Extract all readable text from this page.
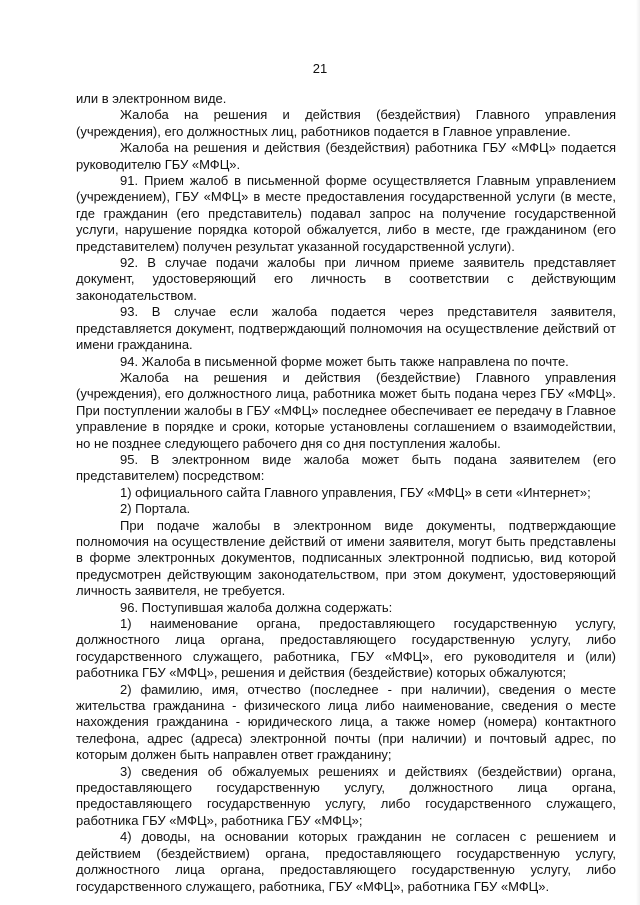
21

или в электронном виде.

Жалоба на решения и действия (бездействия) Главного управления (учреждения), его должностных лиц, работников подается в Главное управление.

Жалоба на решения и действия (бездействия) работника ГБУ «МФЦ» подается руководителю ГБУ «МФЦ».

91. Прием жалоб в письменной форме осуществляется Главным управлением (учреждением), ГБУ «МФЦ» в месте предоставления государственной услуги (в месте, где гражданин (его представитель) подавал запрос на получение государственной услуги, нарушение порядка которой обжалуется, либо в месте, где гражданином (его представителем) получен результат указанной государственной услуги).

92. В случае подачи жалобы при личном приеме заявитель представляет документ, удостоверяющий его личность в соответствии с действующим законодательством.

93. В случае если жалоба подается через представителя заявителя, представляется документ, подтверждающий полномочия на осуществление действий от имени гражданина.

94. Жалоба в письменной форме может быть также направлена по почте.

Жалоба на решения и действия (бездействие) Главного управления (учреждения), его должностного лица, работника может быть подана через ГБУ «МФЦ». При поступлении жалобы в ГБУ «МФЦ» последнее обеспечивает ее передачу в Главное управление в порядке и сроки, которые установлены соглашением о взаимодействии, но не позднее следующего рабочего дня со дня поступления жалобы.

95. В электронном виде жалоба может быть подана заявителем (его представителем) посредством:

1) официального сайта Главного управления, ГБУ «МФЦ» в сети «Интернет»;

2) Портала.

При подаче жалобы в электронном виде документы, подтверждающие полномочия на осуществление действий от имени заявителя, могут быть представлены в форме электронных документов, подписанных электронной подписью, вид которой предусмотрен действующим законодательством, при этом документ, удостоверяющий личность заявителя, не требуется.

96. Поступившая жалоба должна содержать:

1) наименование органа, предоставляющего государственную услугу, должностного лица органа, предоставляющего государственную услугу, либо государственного служащего, работника, ГБУ «МФЦ», его руководителя и (или) работника ГБУ «МФЦ», решения и действия (бездействие) которых обжалуются;

2) фамилию, имя, отчество (последнее - при наличии), сведения о месте жительства гражданина - физического лица либо наименование, сведения о месте нахождения гражданина - юридического лица, а также номер (номера) контактного телефона, адрес (адреса) электронной почты (при наличии) и почтовый адрес, по которым должен быть направлен ответ гражданину;

3) сведения об обжалуемых решениях и действиях (бездействии) органа, предоставляющего государственную услугу, должностного лица органа, предоставляющего государственную услугу, либо государственного служащего, работника ГБУ «МФЦ», работника ГБУ «МФЦ»;

4) доводы, на основании которых гражданин не согласен с решением и действием (бездействием) органа, предоставляющего государственную услугу, должностного лица органа, предоставляющего государственную услугу, либо государственного служащего, работника, ГБУ «МФЦ», работника ГБУ «МФЦ».
